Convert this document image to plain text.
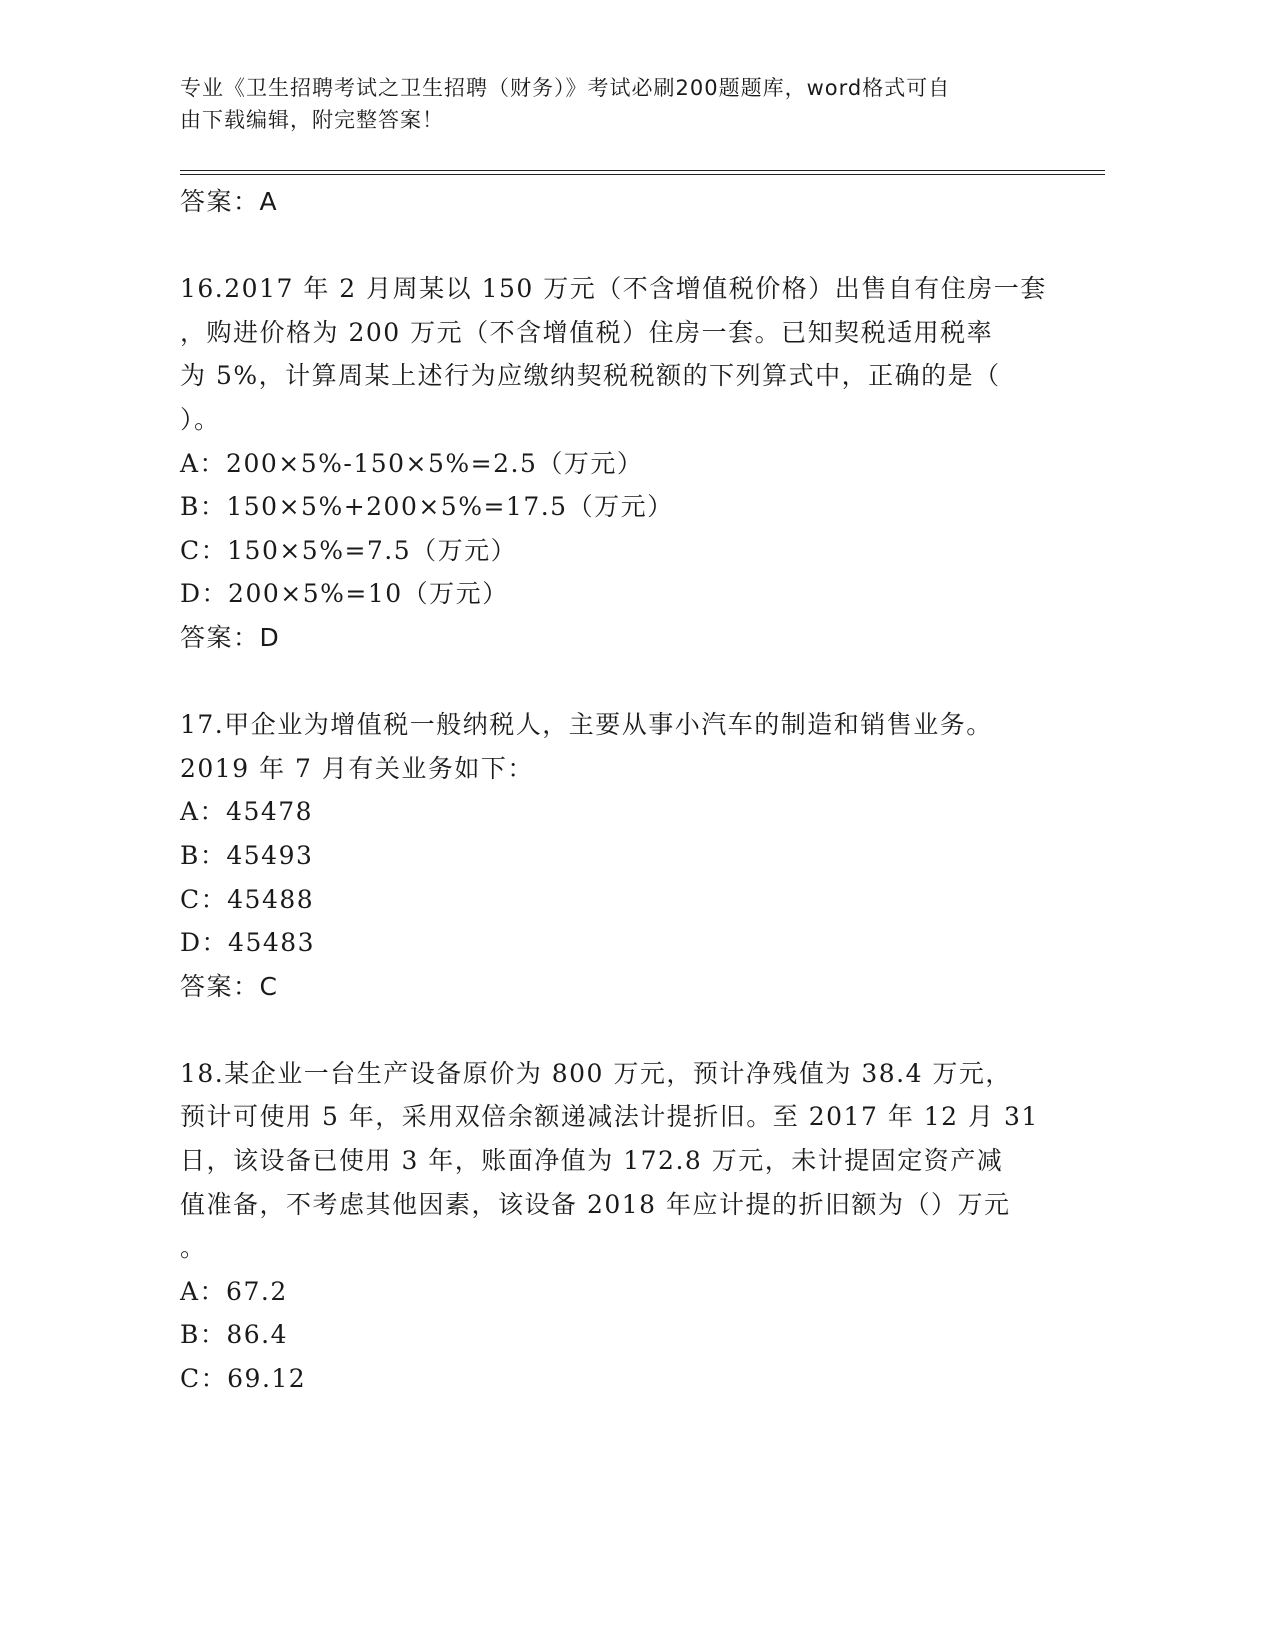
专业《卫生招聘考试之卫生招聘（财务）》考试必刷200题题库，word格式可自
由下载编辑，附完整答案！
答案：A
16.2017 年 2 月周某以 150 万元（不含增值税价格）出售自有住房一套
，购进价格为 200 万元（不含增值税）住房一套。已知契税适用税率
为 5%，计算周某上述行为应缴纳契税税额的下列算式中，正确的是（
）。
A：200×5%-150×5%=2.5（万元）
B：150×5%+200×5%=17.5（万元）
C：150×5%=7.5（万元）
D：200×5%=10（万元）
答案：D
17.甲企业为增值税一般纳税人，主要从事小汽车的制造和销售业务。
2019 年 7 月有关业务如下：
A：45478
B：45493
C：45488
D：45483
答案：C
18.某企业一台生产设备原价为 800 万元，预计净残值为 38.4 万元，
预计可使用 5 年，采用双倍余额递减法计提折旧。至 2017 年 12 月 31
日，该设备已使用 3 年，账面净值为 172.8 万元，未计提固定资产减
值准备，不考虑其他因素，该设备 2018 年应计提的折旧额为（）万元
。
A：67.2
B：86.4
C：69.12
